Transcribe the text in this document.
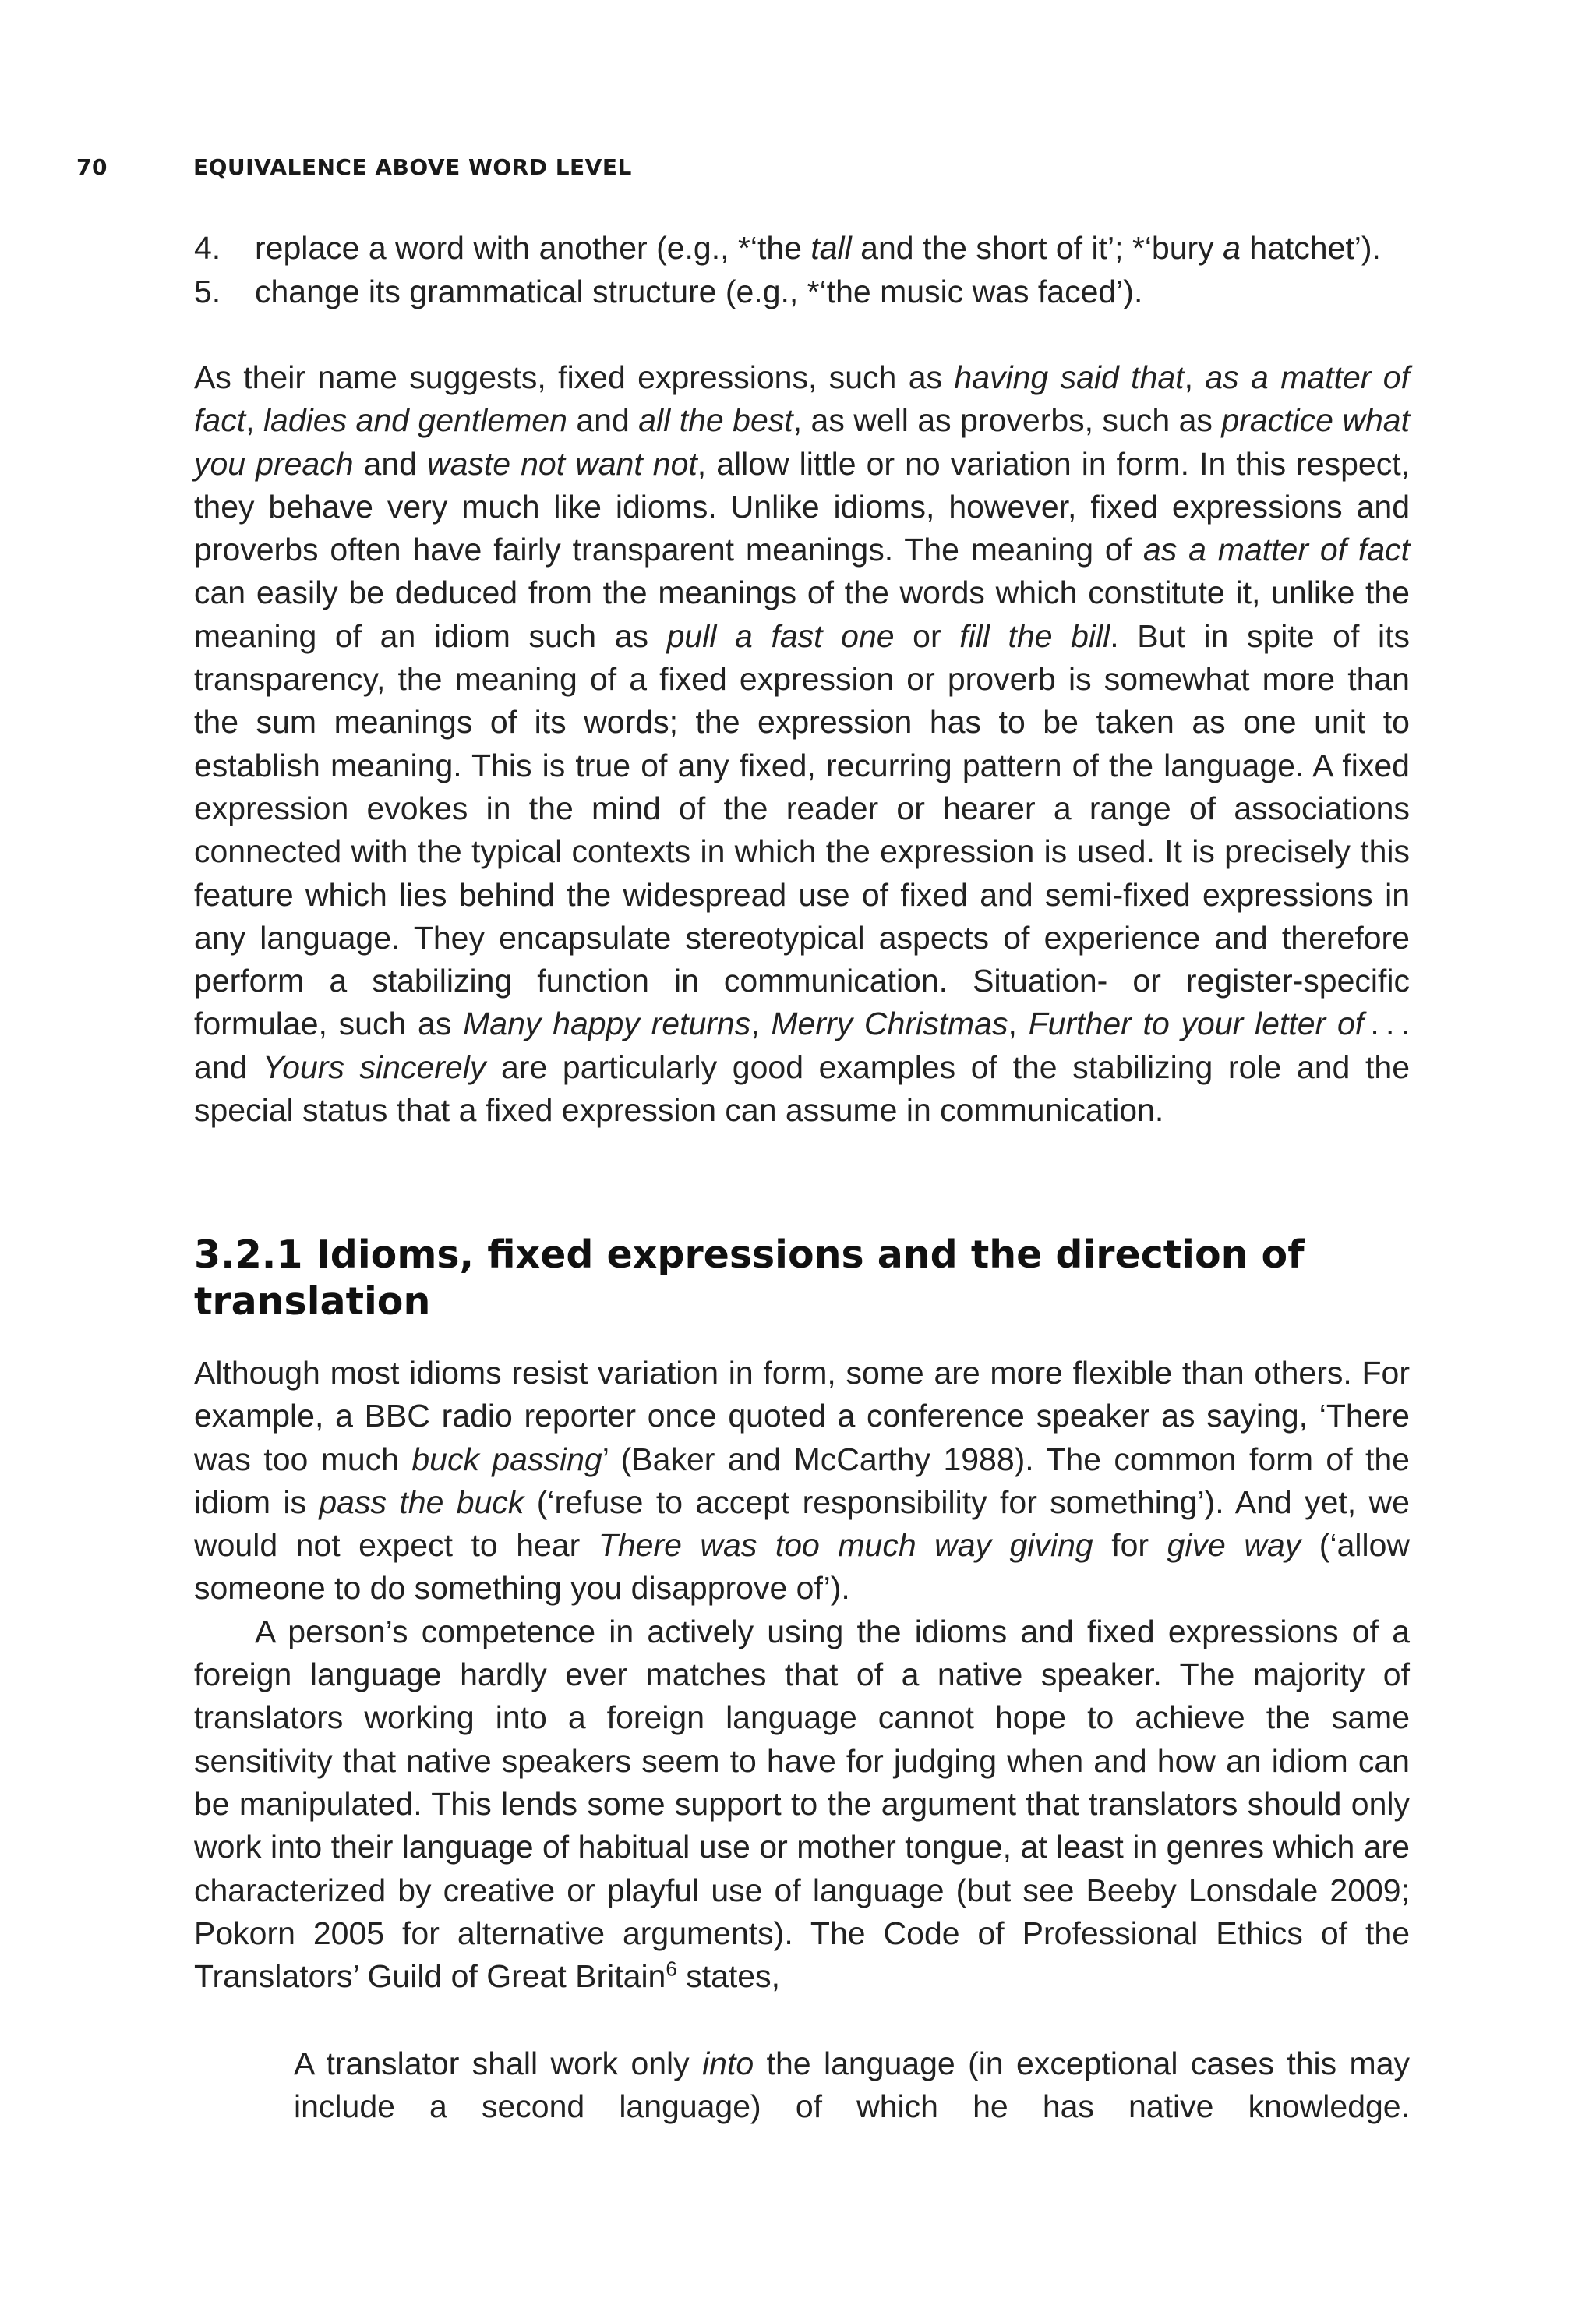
70	EQUIVALENCE ABOVE WORD LEVEL
4.	replace a word with another (e.g., *‘the tall and the short of it’; *‘bury a hatchet’).
5.	change its grammatical structure (e.g., *‘the music was faced’).

As their name suggests, fixed expressions, such as having said that, as a matter of fact, ladies and gentlemen and all the best, as well as proverbs, such as practice what you preach and waste not want not, allow little or no variation in form. In this respect, they behave very much like idioms. Unlike idioms, however, fixed expressions and proverbs often have fairly transparent meanings. The meaning of as a matter of fact can easily be deduced from the meanings of the words which constitute it, unlike the meaning of an idiom such as pull a fast one or fill the bill. But in spite of its transparency, the meaning of a fixed expression or proverb is somewhat more than the sum meanings of its words; the expression has to be taken as one unit to establish meaning. This is true of any fixed, recurring pattern of the language. A fixed expression evokes in the mind of the reader or hearer a range of associations connected with the typical contexts in which the expression is used. It is precisely this feature which lies behind the widespread use of fixed and semi-fixed expressions in any language. They encapsulate stereotypical aspects of experience and therefore perform a stabilizing function in communication. Situation- or register-specific formulae, such as Many happy returns, Merry Christmas, Further to your letter of . . . and Yours sincerely are particularly good examples of the stabilizing role and the special status that a fixed expression can assume in communication.

3.2.1 Idioms, fixed expressions and the direction of translation

Although most idioms resist variation in form, some are more flexible than others. For example, a BBC radio reporter once quoted a conference speaker as saying, ‘There was too much buck passing’ (Baker and McCarthy 1988). The common form of the idiom is pass the buck (‘refuse to accept responsibility for something’). And yet, we would not expect to hear There was too much way giving for give way (‘allow someone to do something you disapprove of’).

A person’s competence in actively using the idioms and fixed expressions of a foreign language hardly ever matches that of a native speaker. The majority of translators working into a foreign language cannot hope to achieve the same sensitivity that native speakers seem to have for judging when and how an idiom can be manipulated. This lends some support to the argument that translators should only work into their language of habitual use or mother tongue, at least in genres which are characterized by creative or playful use of language (but see Beeby Lonsdale 2009; Pokorn 2005 for alternative arguments). The Code of Professional Ethics of the Translators’ Guild of Great Britain$^6$ states,

A translator shall work only into the language (in exceptional cases this may include a second language) of which he has native knowledge.
